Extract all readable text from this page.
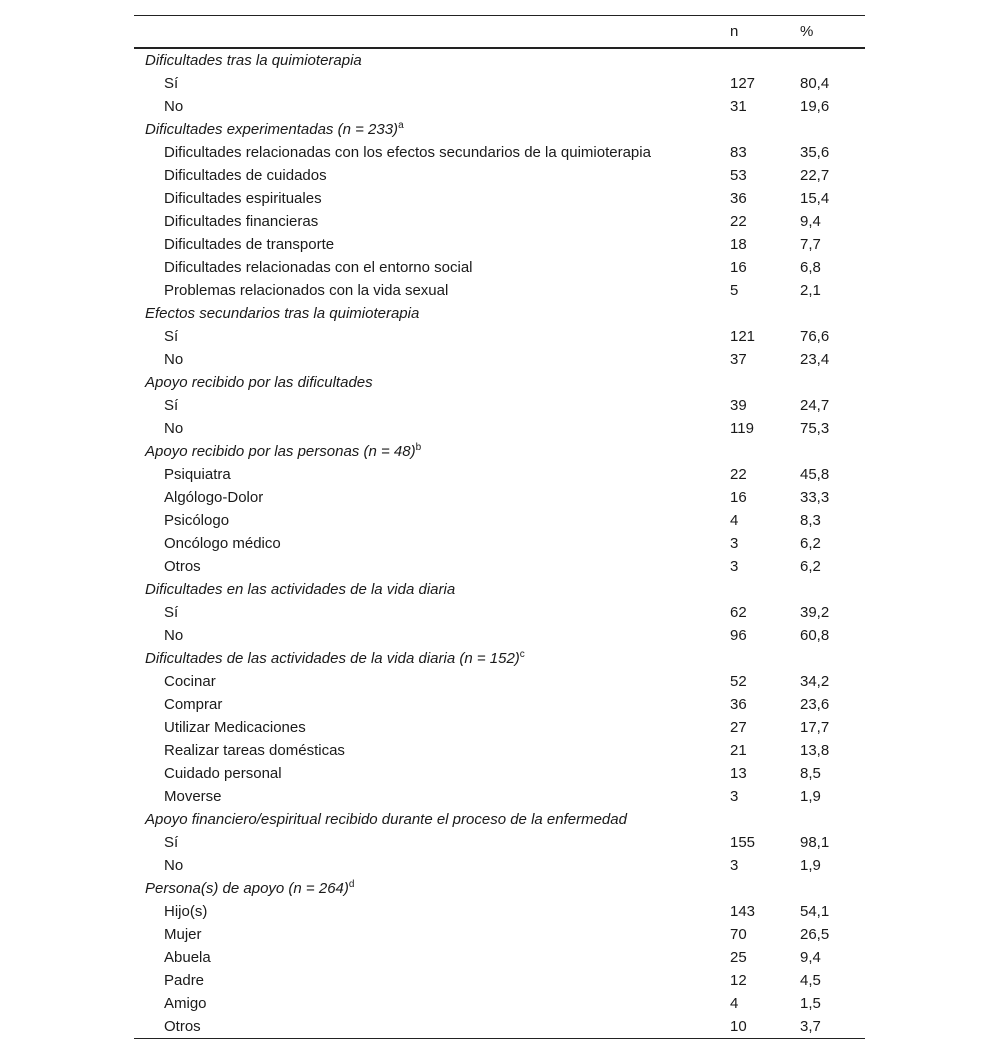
	n	%
Dificultades tras la quimioterapia		
Sí	127	80,4
No	31	19,6
Dificultades experimentadas (n = 233)$^a$
Dificultades relacionadas con los efectos secundarios de la quimioterapia	83	35,6
Dificultades de cuidados	53	22,7
Dificultades espirituales	36	15,4
Dificultades financieras	22	9,4
Dificultades de transporte	18	7,7
Dificultades relacionadas con el entorno social	16	6,8
Problemas relacionados con la vida sexual	5	2,1
Efectos secundarios tras la quimioterapia		
Sí	121	76,6
No	37	23,4
Apoyo recibido por las dificultades		
Sí	39	24,7
No	119	75,3
Apoyo recibido por las personas (n = 48)$^b$
Psiquiatra	22	45,8
Algólogo-Dolor	16	33,3
Psicólogo	4	8,3
Oncólogo médico	3	6,2
Otros	3	6,2
Dificultades en las actividades de la vida diaria		
Sí	62	39,2
No	96	60,8
Dificultades de las actividades de la vida diaria (n = 152)$^c$
Cocinar	52	34,2
Comprar	36	23,6
Utilizar Medicaciones	27	17,7
Realizar tareas domésticas	21	13,8
Cuidado personal	13	8,5
Moverse	3	1,9
Apoyo financiero/espiritual recibido durante el proceso de la enfermedad		
Sí	155	98,1
No	3	1,9
Persona(s) de apoyo (n = 264)$^d$
Hijo(s)	143	54,1
Mujer	70	26,5
Abuela	25	9,4
Padre	12	4,5
Amigo	4	1,5
Otros	10	3,7
